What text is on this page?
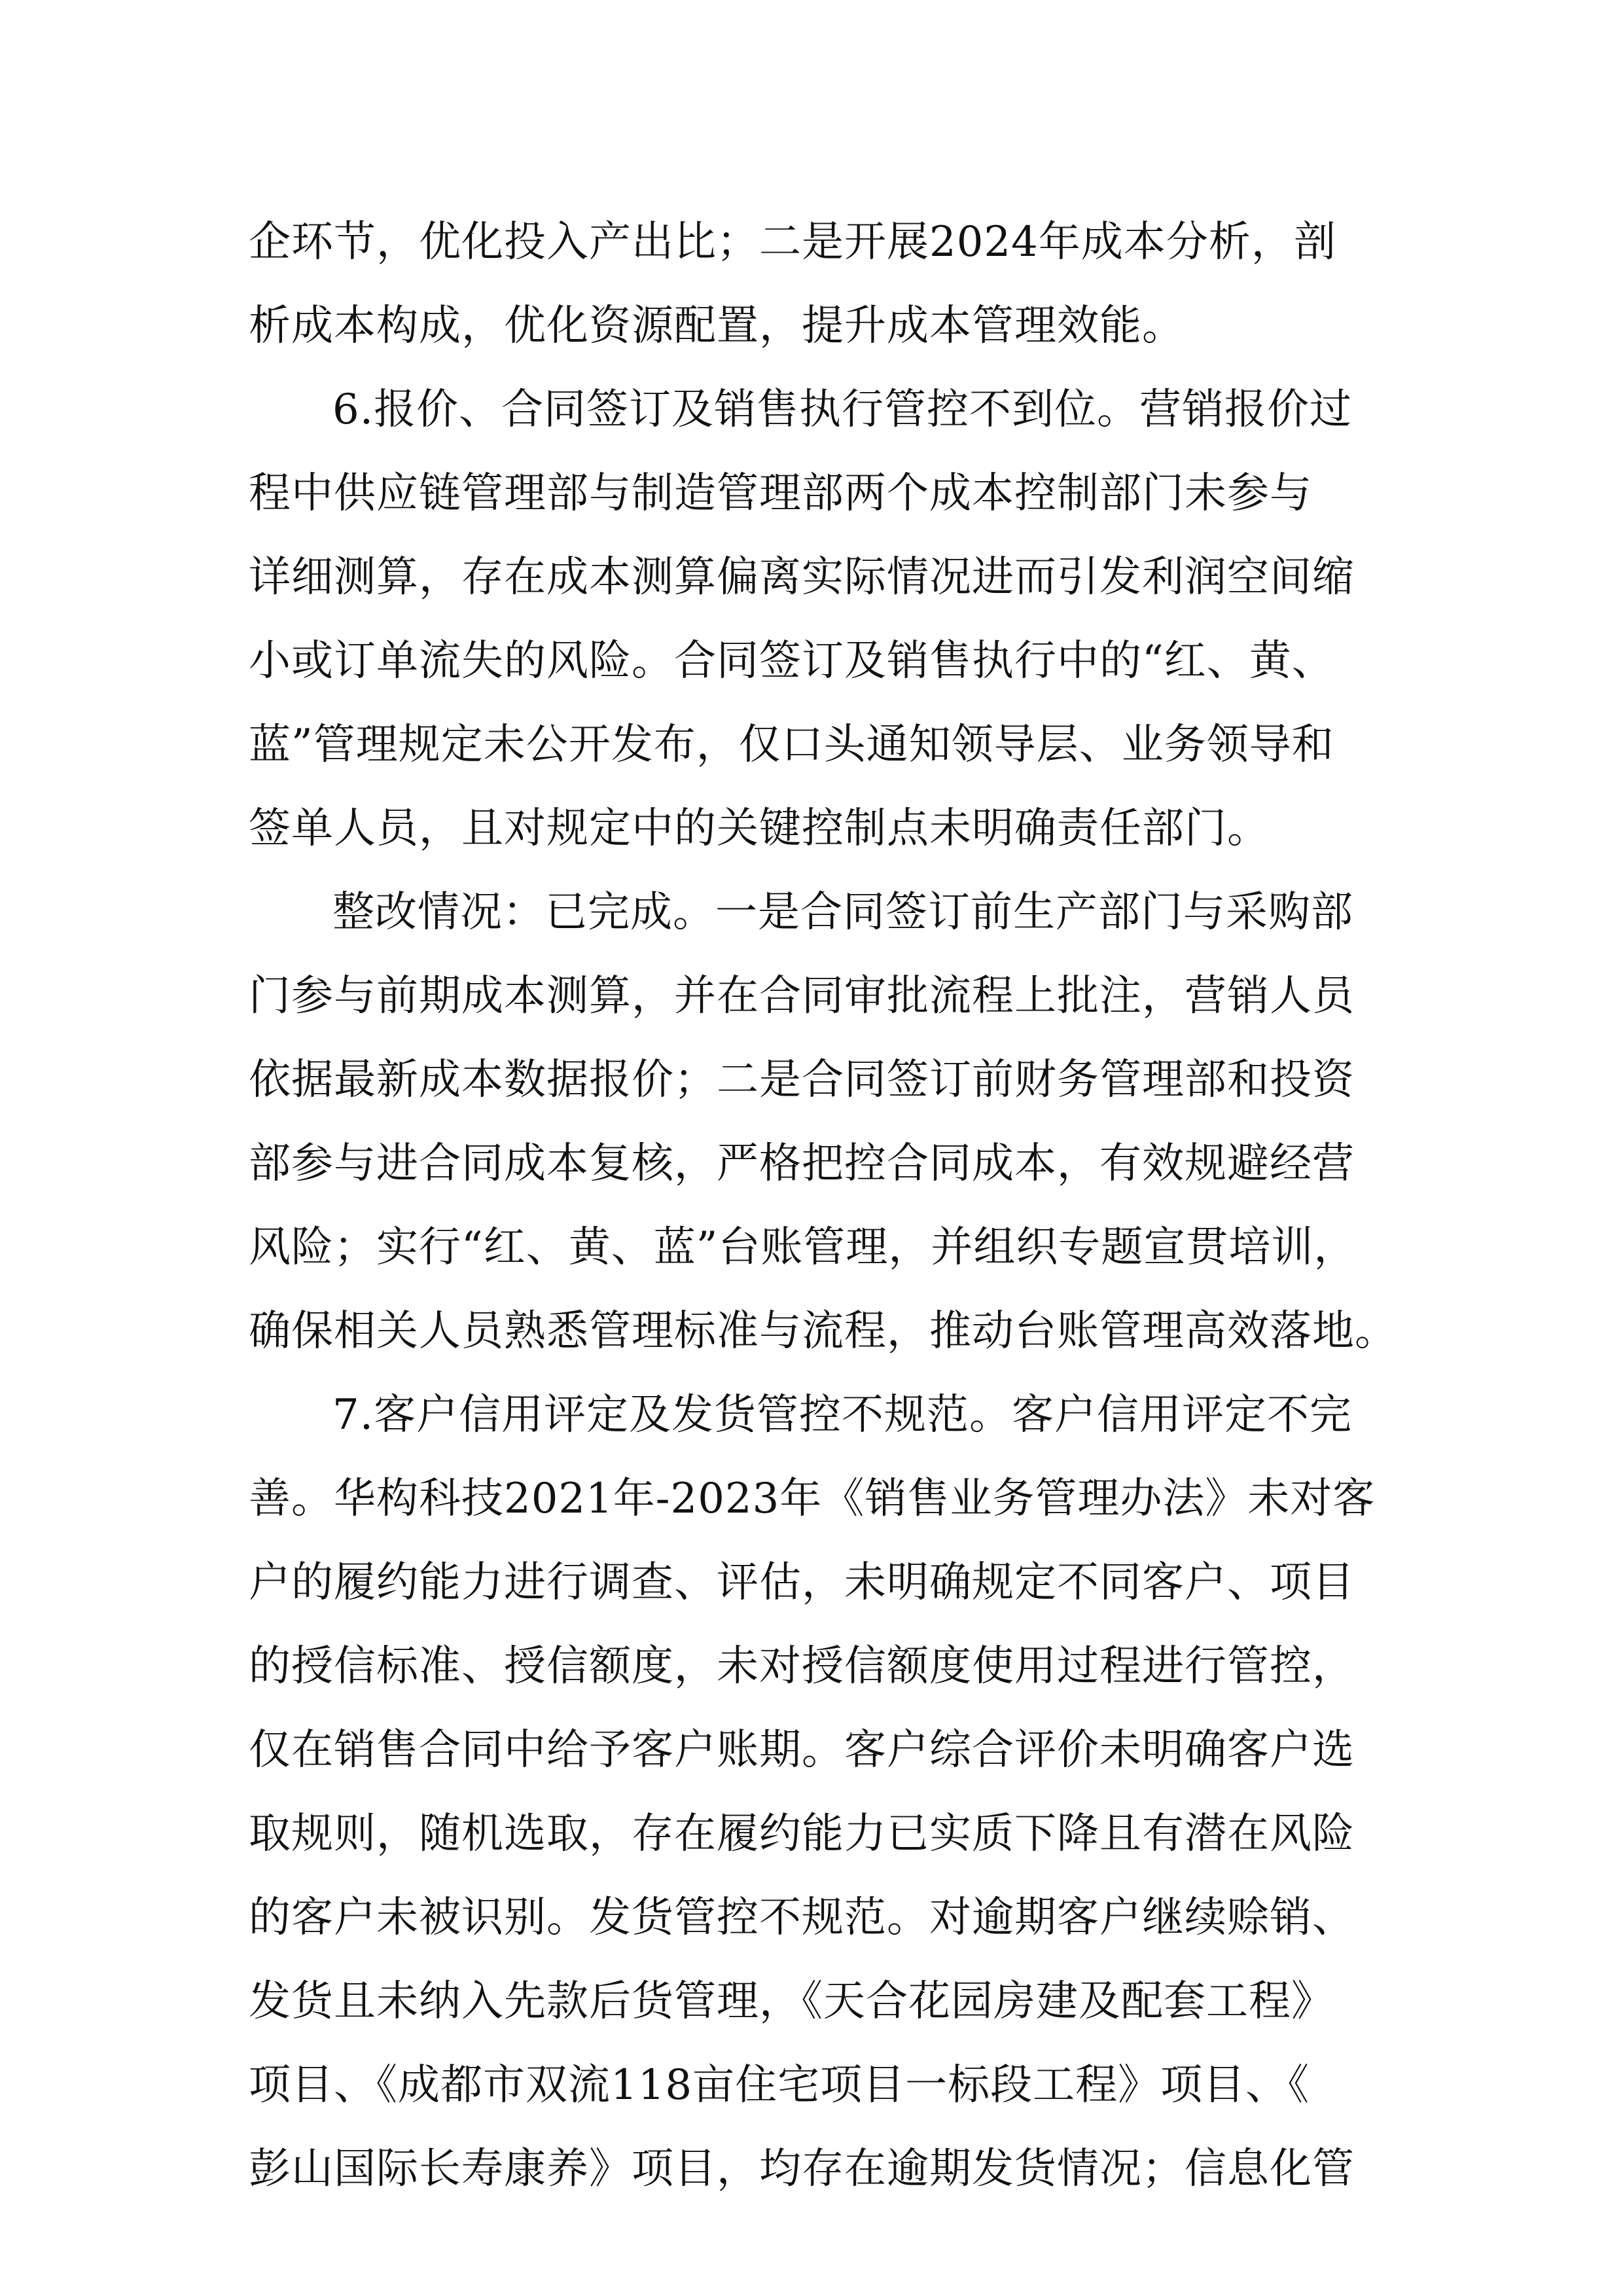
企环节，优化投入产出比；二是开展2024年成本分析，剖
析成本构成，优化资源配置，提升成本管理效能。
6.报价、合同签订及销售执行管控不到位。营销报价过
程中供应链管理部与制造管理部两个成本控制部门未参与
详细测算，存在成本测算偏离实际情况进而引发利润空间缩
小或订单流失的风险。合同签订及销售执行中的“红、黄、
蓝”管理规定未公开发布，仅口头通知领导层、业务领导和
签单人员，且对规定中的关键控制点未明确责任部门。
整改情况：已完成。一是合同签订前生产部门与采购部
门参与前期成本测算，并在合同审批流程上批注，营销人员
依据最新成本数据报价；二是合同签订前财务管理部和投资
部参与进合同成本复核，严格把控合同成本，有效规避经营
风险；实行“红、黄、蓝”台账管理，并组织专题宣贯培训，
确保相关人员熟悉管理标准与流程，推动台账管理高效落地。
7.客户信用评定及发货管控不规范。客户信用评定不完
善。华构科技2021年-2023年《销售业务管理办法》未对客
户的履约能力进行调查、评估，未明确规定不同客户、项目
的授信标准、授信额度，未对授信额度使用过程进行管控，
仅在销售合同中给予客户账期。客户综合评价未明确客户选
取规则，随机选取，存在履约能力已实质下降且有潜在风险
的客户未被识别。发货管控不规范。对逾期客户继续赊销、
发货且未纳入先款后货管理，《天合花园房建及配套工程》
项目、《成都市双流118亩住宅项目一标段工程》项目、《
彭山国际长寿康养》项目，均存在逾期发货情况；信息化管
